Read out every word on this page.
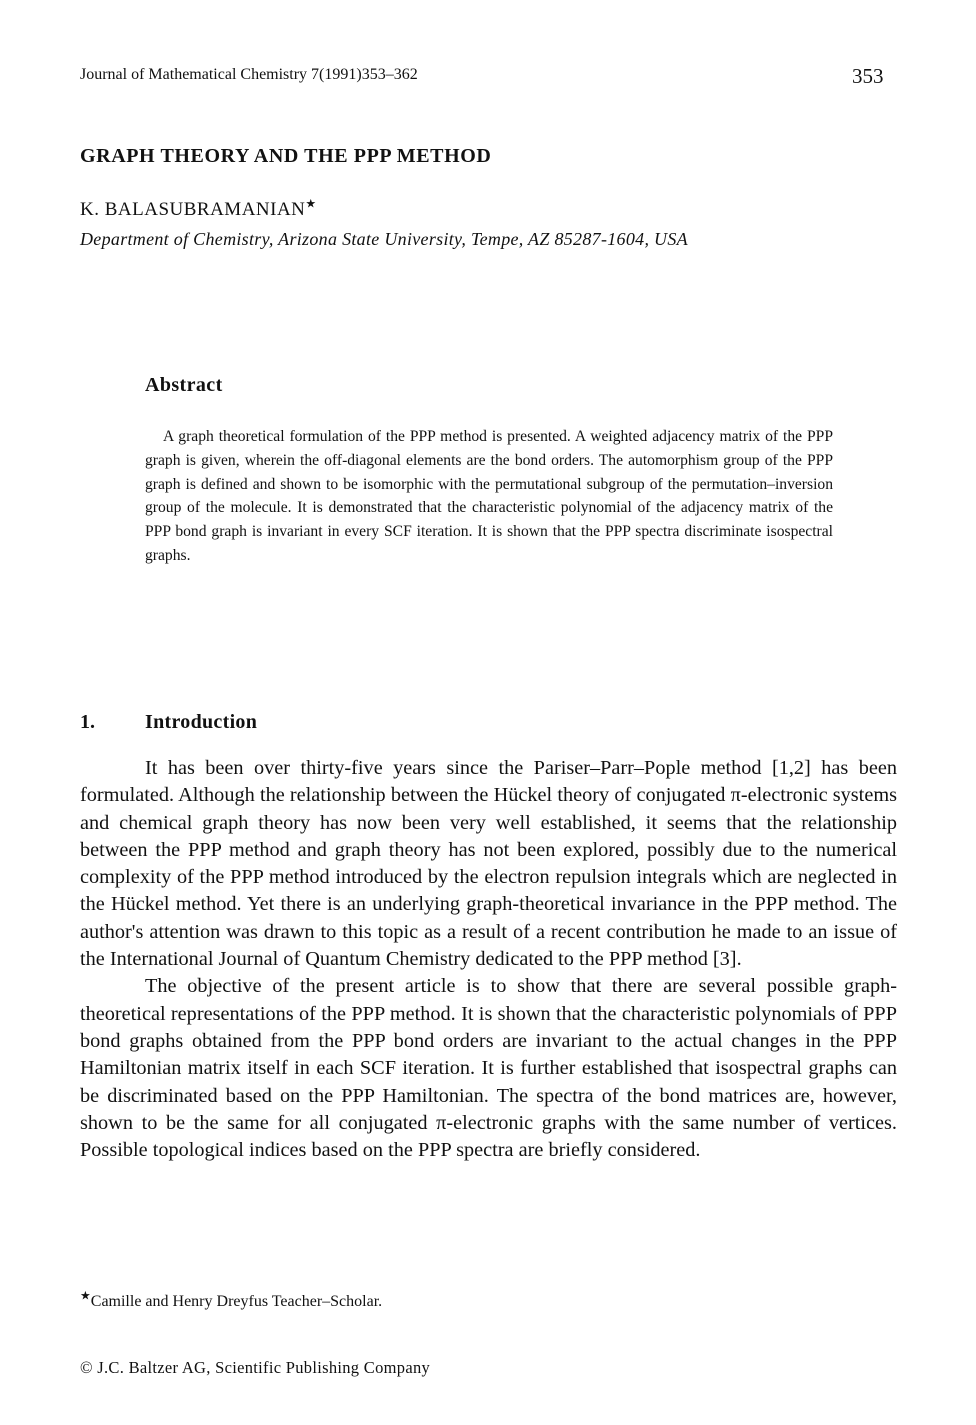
Journal of Mathematical Chemistry 7(1991)353–362	353
GRAPH THEORY AND THE PPP METHOD
K. BALASUBRAMANIAN★
Department of Chemistry, Arizona State University, Tempe, AZ 85287-1604, USA
Abstract

A graph theoretical formulation of the PPP method is presented. A weighted adjacency matrix of the PPP graph is given, wherein the off-diagonal elements are the bond orders. The automorphism group of the PPP graph is defined and shown to be isomorphic with the permutational subgroup of the permutation–inversion group of the molecule. It is demonstrated that the characteristic polynomial of the adjacency matrix of the PPP bond graph is invariant in every SCF iteration. It is shown that the PPP spectra discriminate isospectral graphs.

1.	Introduction

It has been over thirty-five years since the Pariser–Parr–Pople method [1,2] has been formulated. Although the relationship between the Hückel theory of conjugated π-electronic systems and chemical graph theory has now been very well established, it seems that the relationship between the PPP method and graph theory has not been explored, possibly due to the numerical complexity of the PPP method introduced by the electron repulsion integrals which are neglected in the Hückel method. Yet there is an underlying graph-theoretical invariance in the PPP method. The author's attention was drawn to this topic as a result of a recent contribution he made to an issue of the International Journal of Quantum Chemistry dedicated to the PPP method [3].

The objective of the present article is to show that there are several possible graph-theoretical representations of the PPP method. It is shown that the characteristic polynomials of PPP bond graphs obtained from the PPP bond orders are invariant to the actual changes in the PPP Hamiltonian matrix itself in each SCF iteration. It is further established that isospectral graphs can be discriminated based on the PPP Hamiltonian. The spectra of the bond matrices are, however, shown to be the same for all conjugated π-electronic graphs with the same number of vertices. Possible topological indices based on the PPP spectra are briefly considered.

★Camille and Henry Dreyfus Teacher–Scholar.
© J.C. Baltzer AG, Scientific Publishing Company
